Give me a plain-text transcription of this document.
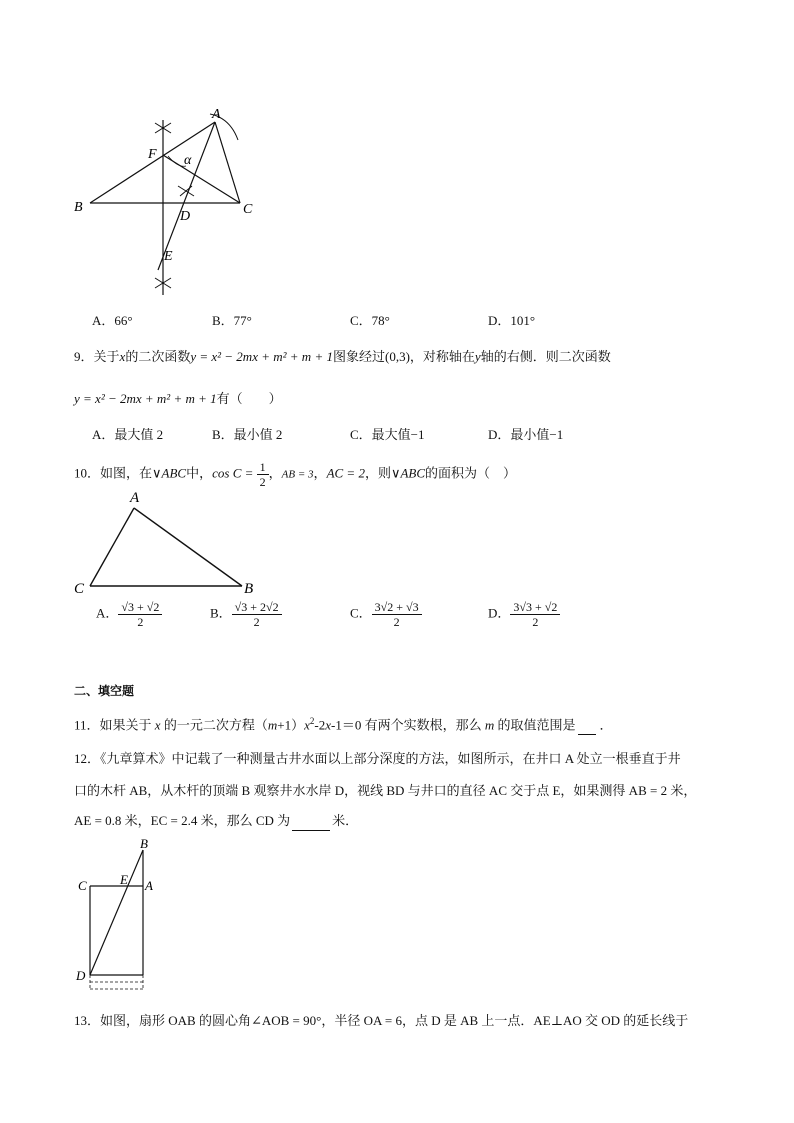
A
F α
B
D	C
E
A．66°	B．77°	C．78°	D．101°
9．关于x的二次函数y = x² − 2mx + m² + m + 1图象经过(0,3)，对称轴在y轴的右侧．则二次函数
y = x² − 2mx + m² + m + 1有（　　）
A．最大值 2	B．最小值 2	C．最大值−1	D．最小值−1
10．如图，在∨ABC中，$\cos C = \frac{1}{2}$ ，AB = 3，AC = 2，则∨ABC的面积为（　）
A
C	B
A． $\frac{√3 + √2}{2}$	B． $\frac{√3 + 2√2}{2}$	C． $\frac{3√2 + √3}{2}$	D． $\frac{3√3 + √2}{2}$
二、填空题
11．如果关于 x 的一元二次方程$(m+1)x^2-2x-1=0$ 有两个实数根，那么 m 的取值范围是 ．
12．《九章算术》中记载了一种测量古井水面以上部分深度的方法，如图所示，在井口 A 处立一根垂直于井
口的木杆 AB，从木杆的顶端 B 观察井水水岸 D，视线 BD 与井口的直径 AC 交于点 E，如果测得 AB = 2 米，
AE = 0.8 米，EC = 2.4 米，那么 CD 为	米．
B
C	E A
D
13．如图，扇形 OAB 的圆心角∠AOB = 90°，半径 OA = 6，点 D 是 AB 上一点．AE⊥AO 交 OD 的延长线于
